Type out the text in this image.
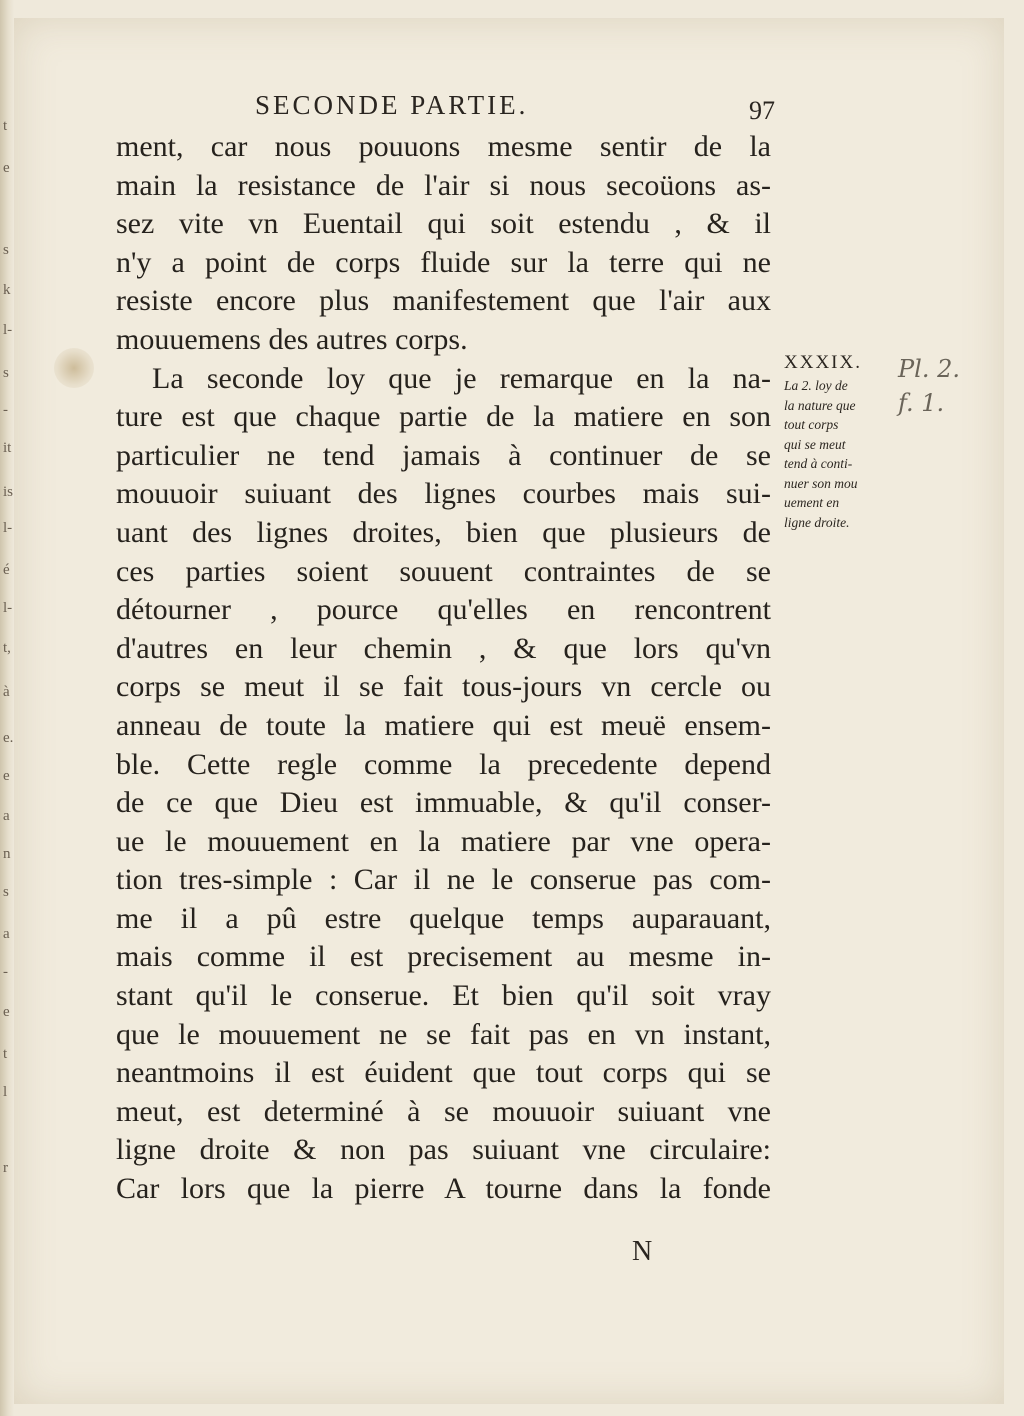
t
e
s
k
l-
s
-
it
is
l-
é
l-
t,
à
e.
e
a
n
s
a
-
e
t
l
r
SECONDE PARTIE.	97
ment, car nous pouuons mesme sentir de la
main la resistance de l'air si nous secoüons as-
sez vite vn Euentail qui soit estendu , & il
n'y a point de corps fluide sur la terre qui ne
resiste encore plus manifestement que l'air aux
mouuemens des autres corps.
La seconde loy que je remarque en la na-
ture est que chaque partie de la matiere en son
particulier ne tend jamais à continuer de se
mouuoir suiuant des lignes courbes mais sui-
uant des lignes droites, bien que plusieurs de
ces parties soient souuent contraintes de se
détourner , pource qu'elles en rencontrent
d'autres en leur chemin , & que lors qu'vn
corps se meut il se fait tous-jours vn cercle ou
anneau de toute la matiere qui est meuë ensem-
ble. Cette regle comme la precedente depend
de ce que Dieu est immuable, & qu'il conser-
ue le mouuement en la matiere par vne opera-
tion tres-simple : Car il ne le conserue pas com-
me il a pû estre quelque temps auparauant,
mais comme il est precisement au mesme in-
stant qu'il le conserue. Et bien qu'il soit vray
que le mouuement ne se fait pas en vn instant,
neantmoins il est éuident que tout corps qui se
meut, est determiné à se mouuoir suiuant vne
ligne droite & non pas suiuant vne circulaire:
Car lors que la pierre A tourne dans la fonde
XXXIX.
La 2. loy de
la nature que
tout corps
qui se meut
tend à conti-
nuer son mou
uement en
ligne droite.
Pl. 2.
f. 1.
N
